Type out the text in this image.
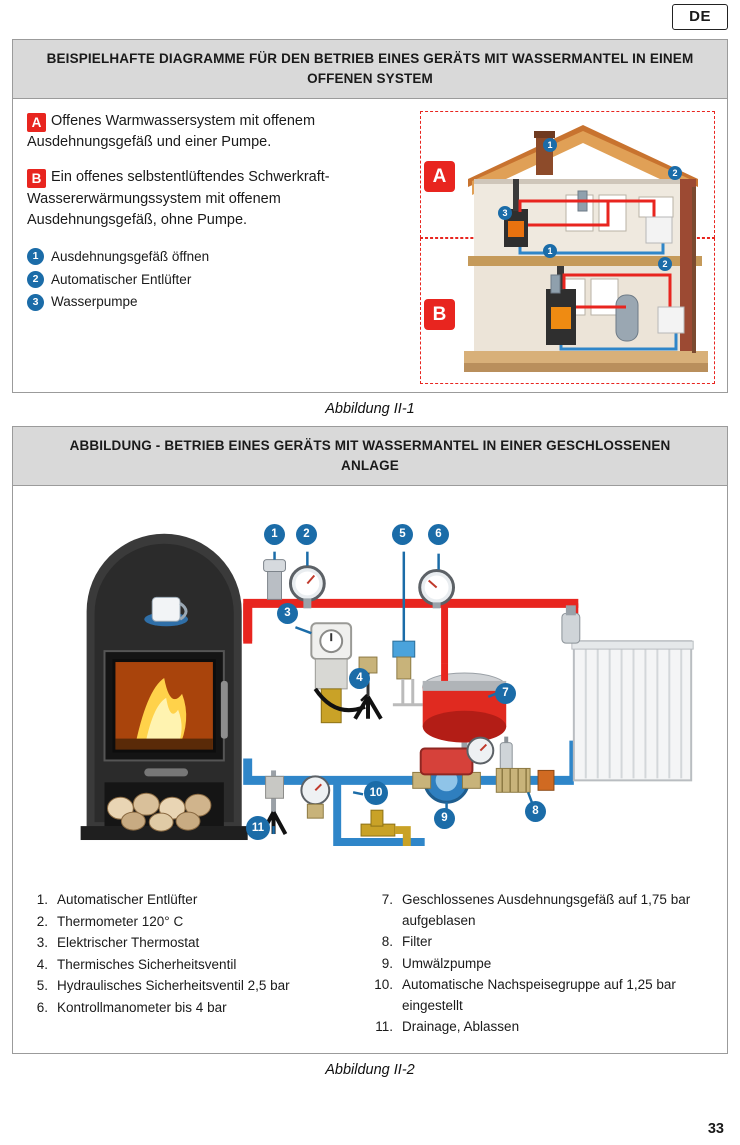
DE
BEISPIELHAFTE DIAGRAMME FÜR DEN BETRIEB EINES GERÄTS MIT WASSERMANTEL IN EINEM OFFENEN SYSTEM

A Offenes Warmwassersystem mit offenem Ausdehnungsgefäß und einer Pumpe.

B Ein offenes selbstentlüftendes Schwerkraft-Wassererwärmungssystem mit offenem Ausdehnungsgefäß, ohne Pumpe.

1 Ausdehnungsgefäß öffnen
2 Automatischer Entlüfter
3 Wasserpumpe
A
B
1
2
3
1
2
Abbildung II-1
ABBILDUNG - BETRIEB EINES GERÄTS MIT WASSERMANTEL IN EINER GESCHLOSSENEN ANLAGE
1	2
3
4
5	6
7
8
9
10
11
1. Automatischer Entlüfter
2. Thermometer 120° C
3. Elektrischer Thermostat
4. Thermisches Sicherheitsventil
5. Hydraulisches Sicherheitsventil 2,5 bar
6. Kontrollmanometer bis 4 bar
7. Geschlossenes Ausdehnungsgefäß auf 1,75 bar aufgeblasen
8. Filter
9. Umwälzpumpe
10. Automatische Nachspeisegruppe auf 1,25 bar eingestellt
11. Drainage, Ablassen
Abbildung II-2
33
